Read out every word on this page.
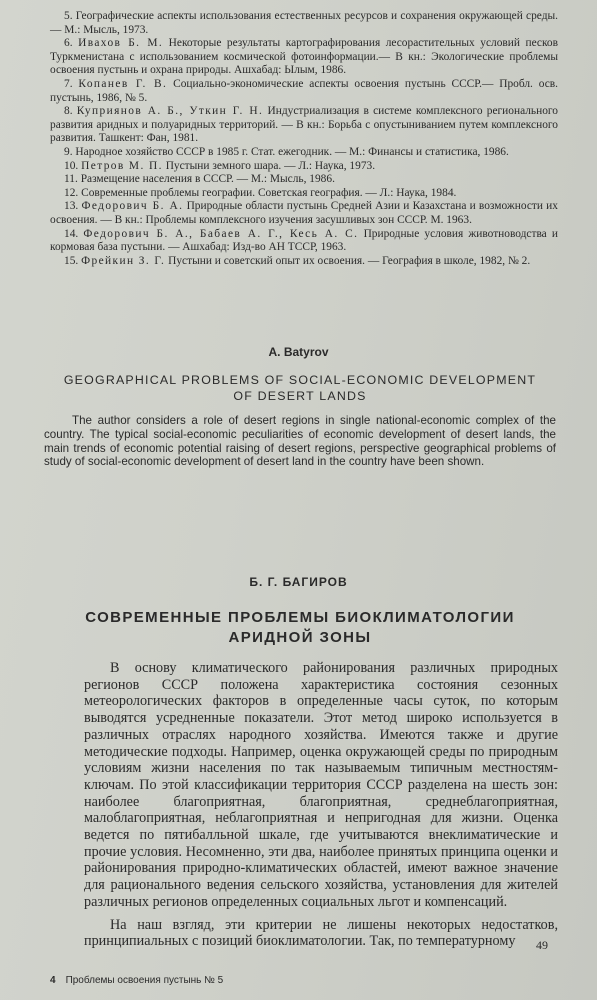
5. Географические аспекты использования естественных ресурсов и сохранения окружающей среды. — М.: Мысль, 1973.

6. Ивахов Б. М. Некоторые результаты картографирования лесорастительных условий песков Туркменистана с использованием космической фотоинформации.— В кн.: Экологические проблемы освоения пустынь и охрана природы. Ашхабад: Ылым, 1986.

7. Копанев Г. В. Социально-экономические аспекты освоения пустынь СССР.— Пробл. осв. пустынь, 1986, № 5.

8. Куприянов А. Б., Уткин Г. Н. Индустриализация в системе комплексного регионального развития аридных и полуаридных территорий. — В кн.: Борьба с опустыниванием путем комплексного развития. Ташкент: Фан, 1981.

9. Народное хозяйство СССР в 1985 г. Стат. ежегодник. — М.: Финансы и статистика, 1986.

10. Петров М. П. Пустыни земного шара. — Л.: Наука, 1973.

11. Размещение населения в СССР. — М.: Мысль, 1986.

12. Современные проблемы географии. Советская география. — Л.: Наука, 1984.

13. Федорович Б. А. Природные области пустынь Средней Азии и Казахстана и возможности их освоения. — В кн.: Проблемы комплексного изучения засушливых зон СССР. М. 1963.

14. Федорович Б. А., Бабаев А. Г., Кесь А. С. Природные условия животноводства и кормовая база пустыни. — Ашхабад: Изд-во АН ТССР, 1963.

15. Фрейкин З. Г. Пустыни и советский опыт их освоения. — География в школе, 1982, № 2.

A. Batyrov
GEOGRAPHICAL PROBLEMS OF SOCIAL-ECONOMIC DEVELOPMENT OF DESERT LANDS
The author considers a role of desert regions in single national-economic complex of the country. The typical social-economic peculiarities of economic development of desert lands, the main trends of economic potential raising of desert regions, perspective geographical problems of study of social-economic development of desert land in the country have been shown.
Б. Г. БАГИРОВ
СОВРЕМЕННЫЕ ПРОБЛЕМЫ БИОКЛИМАТОЛОГИИ АРИДНОЙ ЗОНЫ

В основу климатического районирования различных природных регионов СССР положена характеристика состояния сезонных метеорологических факторов в определенные часы суток, по которым выводятся усредненные показатели. Этот метод широко используется в различных отраслях народного хозяйства. Имеются также и другие методические подходы. Например, оценка окружающей среды по природным условиям жизни населения по так называемым типичным местностям-ключам. По этой классификации территория СССР разделена на шесть зон: наиболее благоприятная, благоприятная, среднеблагоприятная, малоблагоприятная, неблагоприятная и непригодная для жизни. Оценка ведется по пятибалльной шкале, где учитываются внеклиматические и прочие условия. Несомненно, эти два, наиболее принятых принципа оценки и районирования природно-климатических областей, имеют важное значение для рационального ведения сельского хозяйства, установления для жителей различных регионов определенных социальных льгот и компенсаций.

На наш взгляд, эти критерии не лишены некоторых недостатков, принципиальных с позиций биоклиматологии. Так, по температурному	49
4 Проблемы освоения пустынь № 5
